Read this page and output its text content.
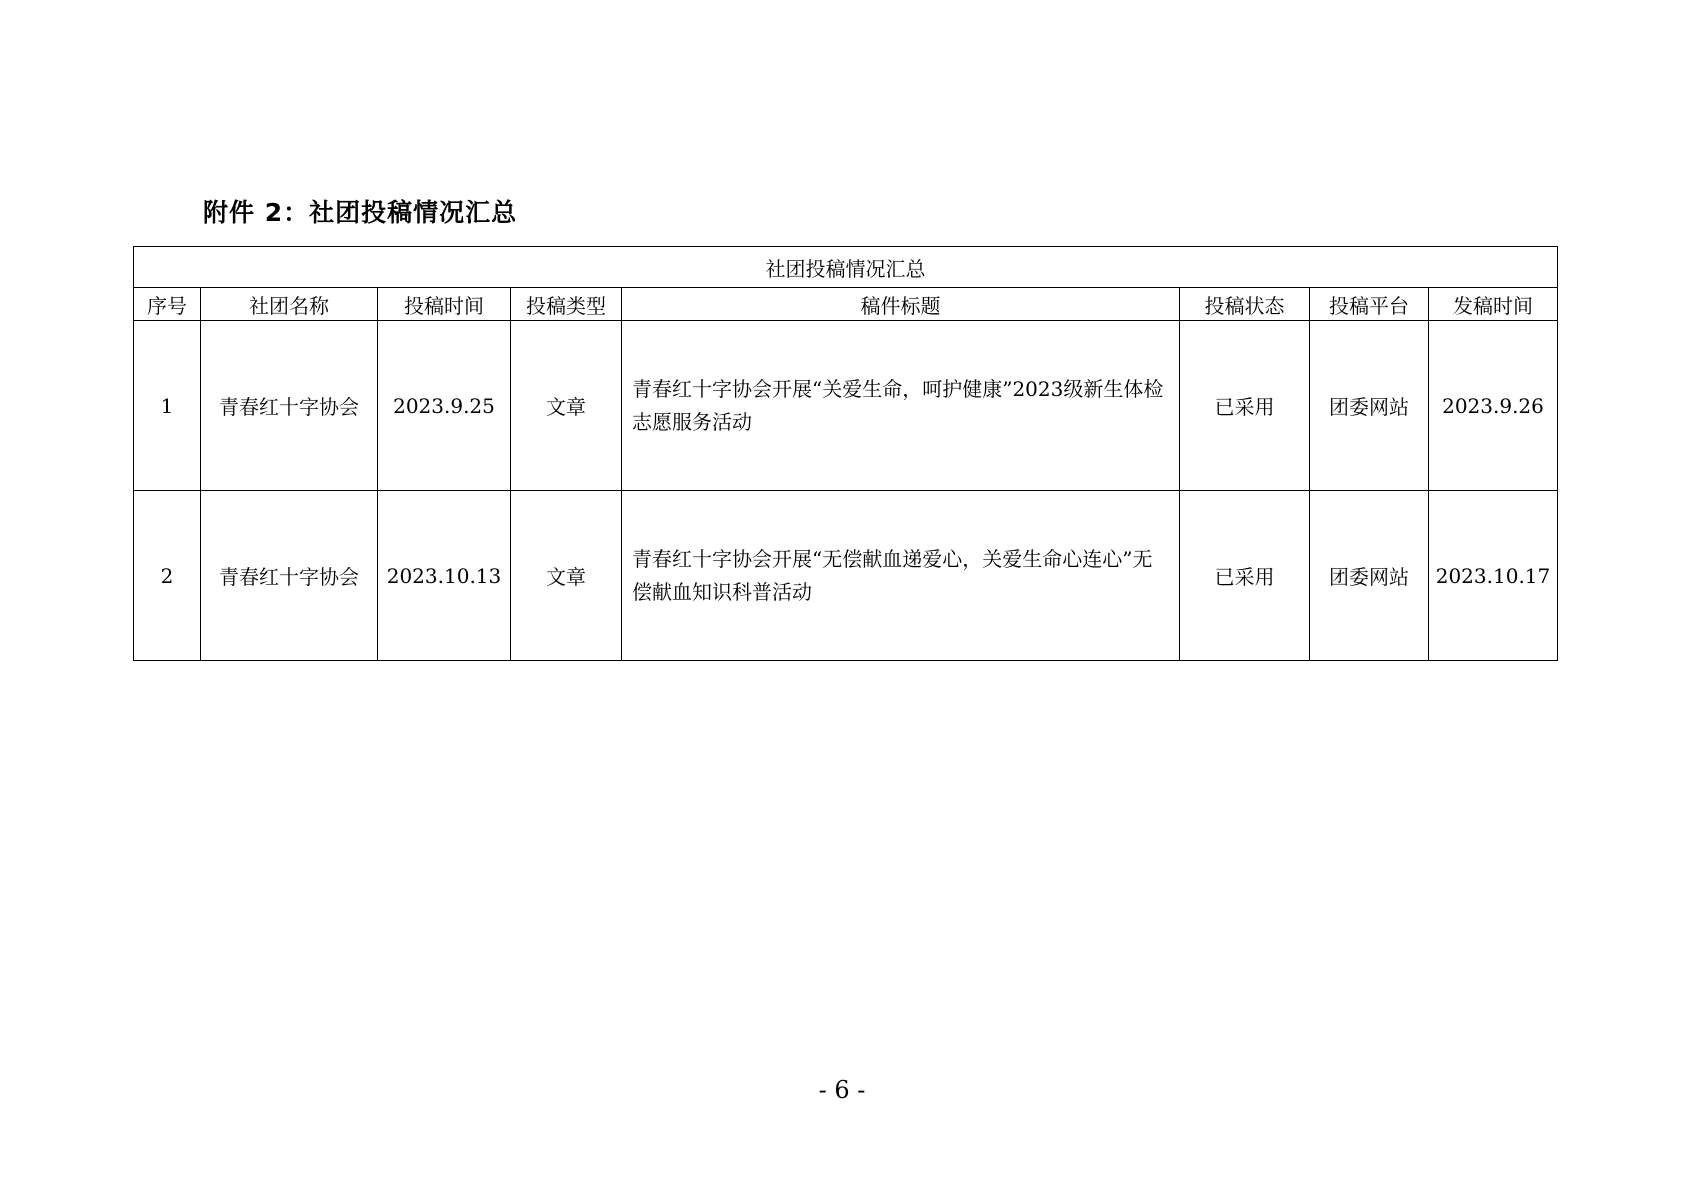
附件 2：社团投稿情况汇总
社团投稿情况汇总							
序号	社团名称	投稿时间	投稿类型	稿件标题	投稿状态	投稿平台	发稿时间
1	青春红十字协会	2023.9.25	文章	青春红十字协会开展“关爱生命，呵护健康”2023级新生体检志愿服务活动	已采用	团委网站	2023.9.26
2	青春红十字协会	2023.10.13	文章	青春红十字协会开展“无偿献血递爱心，关爱生命心连心”无偿献血知识科普活动	已采用	团委网站	2023.10.17
- 6 -
